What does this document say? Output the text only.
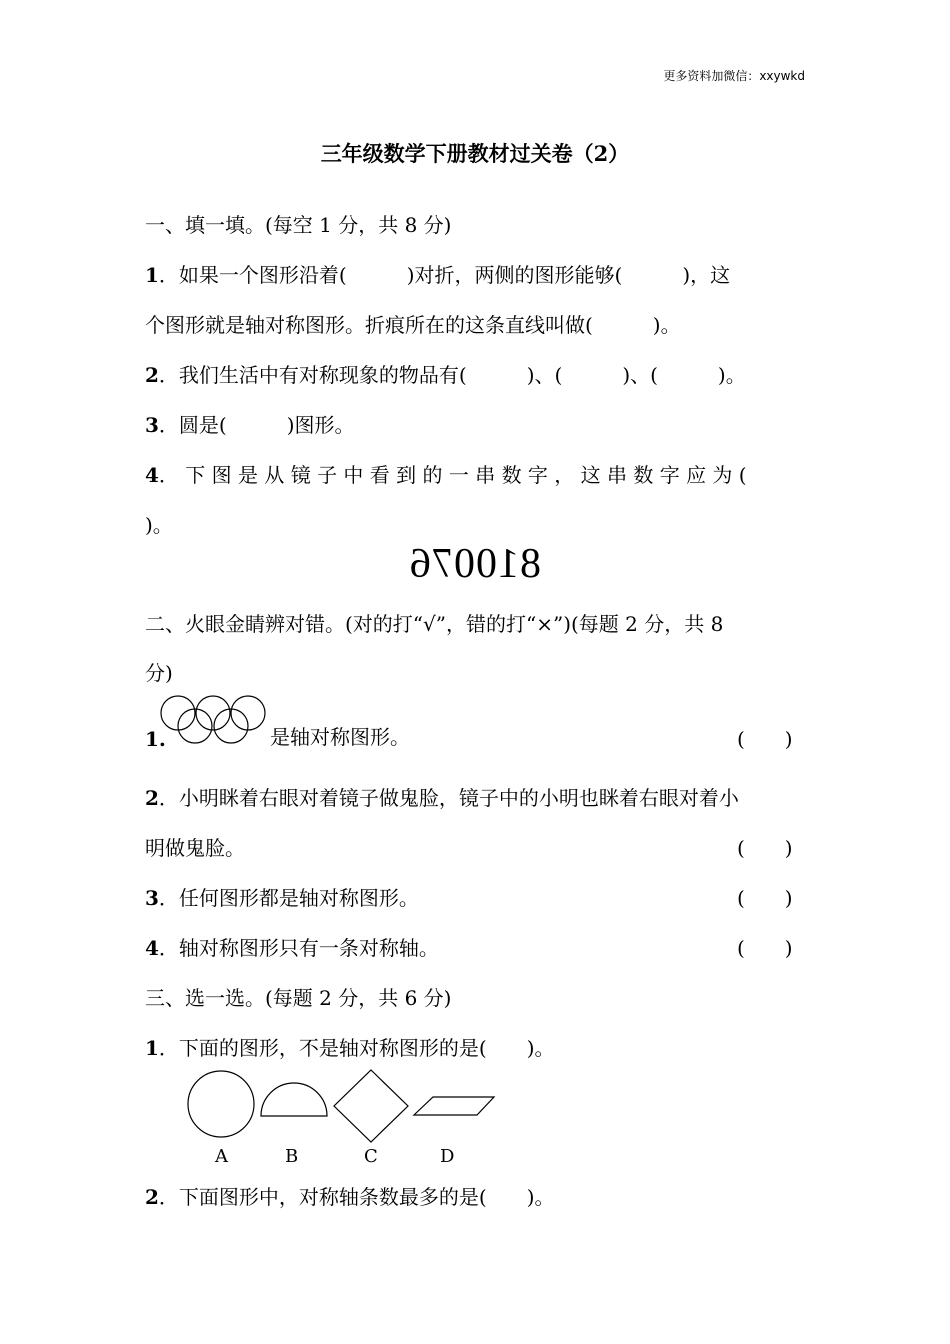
更多资料加微信：xxywkd
三年级数学下册教材过关卷（2）
一、填一填。(每空 1 分，共 8 分)
1．如果一个图形沿着(　　　)对折，两侧的图形能够(　　　)，这
个图形就是轴对称图形。折痕所在的这条直线叫做(　　　)。
2．我们生活中有对称现象的物品有(　　　)、(　　　)、(　　　)。
3．圆是(　　　)图形。
4． 下 图 是 从 镜 子 中 看 到 的 一 串 数 字 ， 这 串 数 字 应 为 (
)。
810076
二、火眼金睛辨对错。(对的打“√”，错的打“×”)(每题 2 分，共 8
分)
1.	是轴对称图形。	(　　)
2．小明眯着右眼对着镜子做鬼脸，镜子中的小明也眯着右眼对着小
明做鬼脸。	(　　)
3．任何图形都是轴对称图形。	(　　)
4．轴对称图形只有一条对称轴。	(　　)
三、选一选。(每题 2 分，共 6 分)
1．下面的图形，不是轴对称图形的是(　　)。
A	B	C	D
2．下面图形中，对称轴条数最多的是(　　)。
